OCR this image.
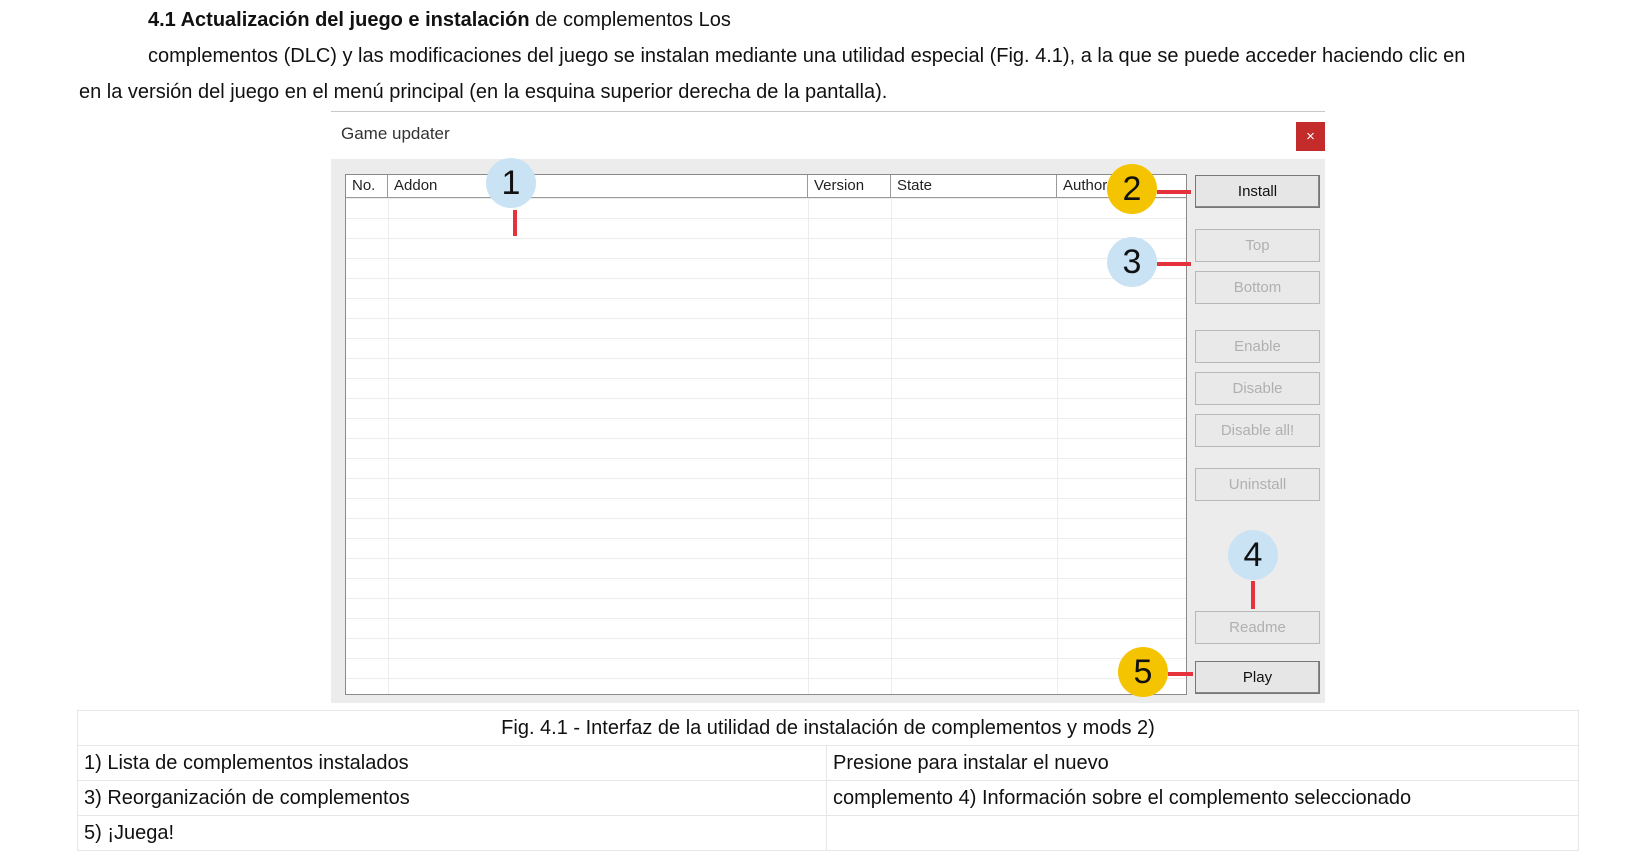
4.1 Actualización del juego e instalación de complementos Los
complementos (DLC) y las modificaciones del juego se instalan mediante una utilidad especial (Fig. 4.1), a la que se puede acceder haciendo clic en
en la versión del juego en el menú principal (en la esquina superior derecha de la pantalla).
Game updater	×
No.	Addon	Version	State	Author	Install
Top
Bottom
Enable
Disable
Disable all!
Uninstall
Readme
Play
1	2
3
4
5
Fig. 4.1 - Interfaz de la utilidad de instalación de complementos y mods 2)
1) Lista de complementos instalados	Presione para instalar el nuevo
3) Reorganización de complementos	complemento 4) Información sobre el complemento seleccionado
5) ¡Juega!
